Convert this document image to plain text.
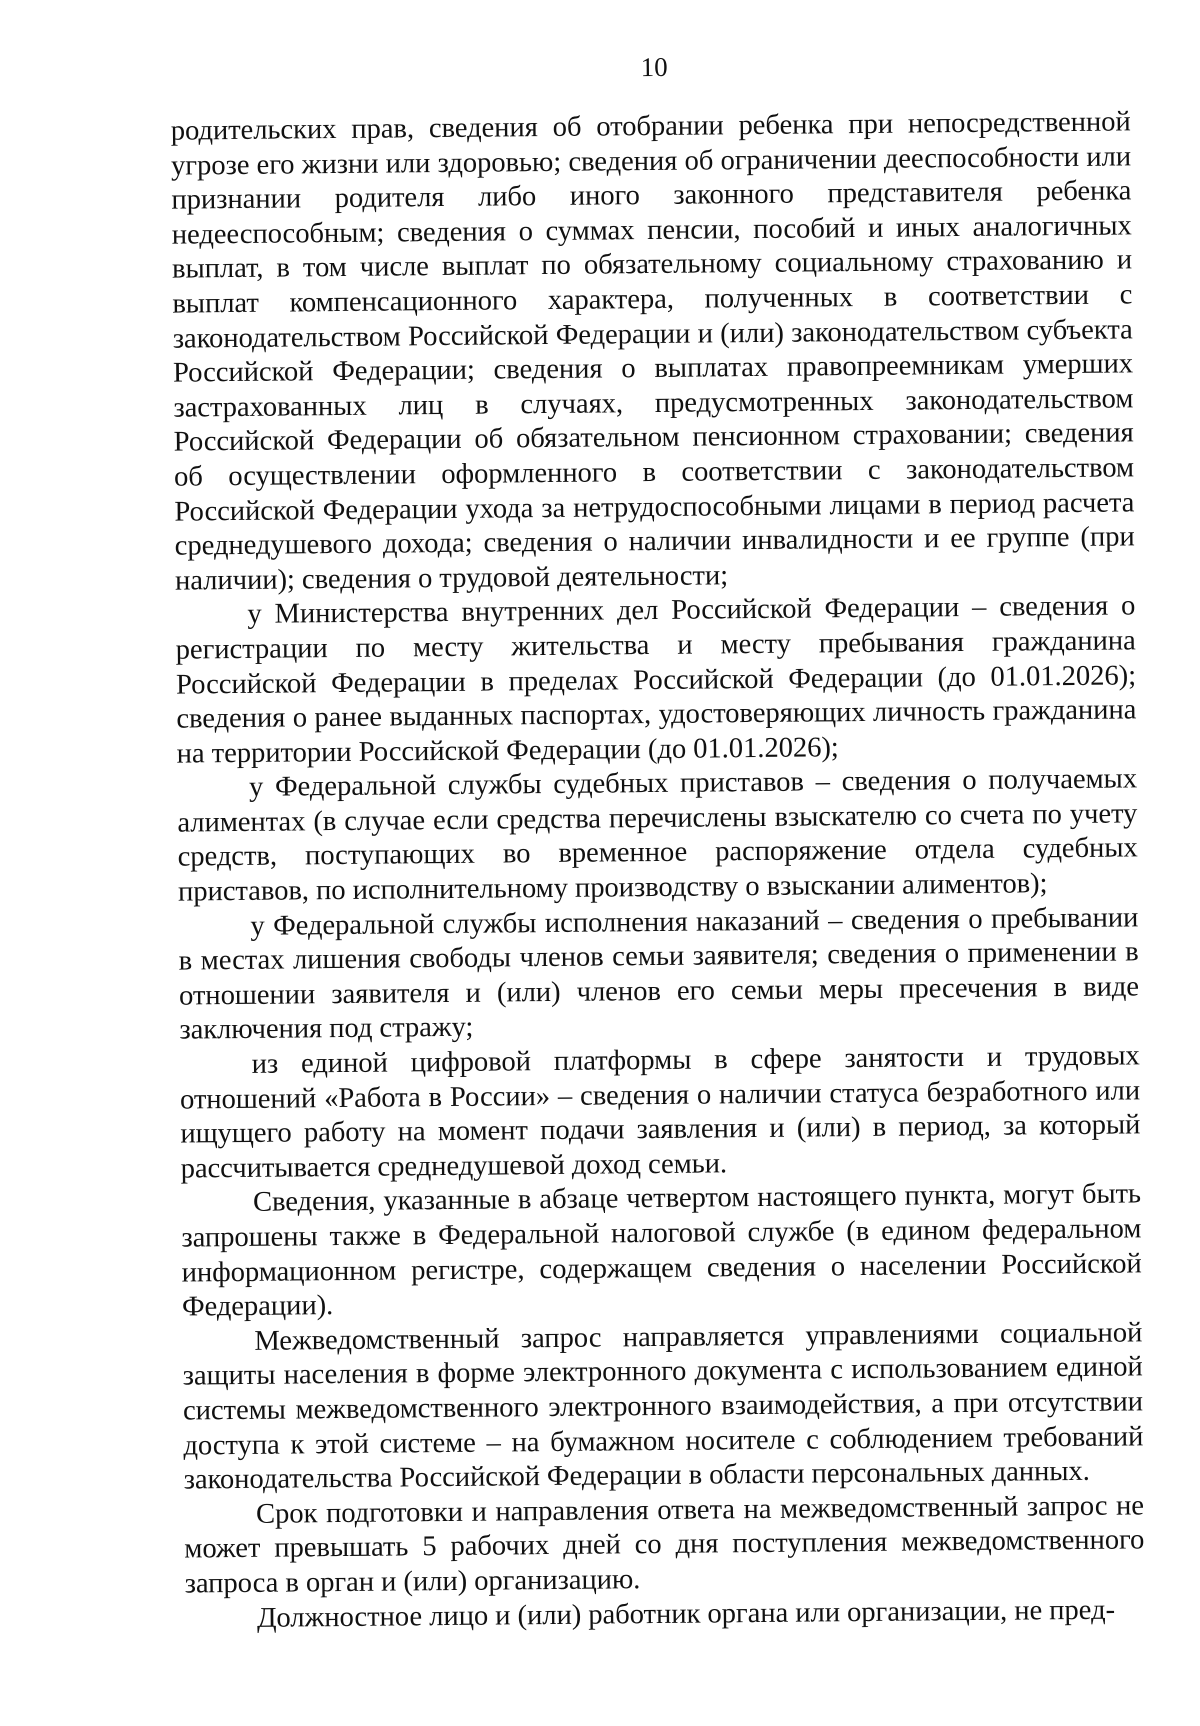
10

родительских прав, сведения об отобрании ребенка при непосредственной угрозе его жизни или здоровью; сведения об ограничении дееспособности или признании родителя либо иного законного представителя ребенка недееспособным; сведения о суммах пенсии, пособий и иных аналогичных выплат, в том числе выплат по обязательному социальному страхованию и выплат компенсационного характера, полученных в соответствии с законодательством Российской Федерации и (или) законодательством субъекта Российской Федерации; сведения о выплатах правопреемникам умерших застрахованных лиц в случаях, предусмотренных законодательством Российской Федерации об обязательном пенсионном страховании; сведения об осуществлении оформленного в соответствии с законодательством Российской Федерации ухода за нетрудоспособными лицами в период расчета среднедушевого дохода; сведения о наличии инвалидности и ее группе (при наличии); сведения о трудовой деятельности;

у Министерства внутренних дел Российской Федерации – сведения о регистрации по месту жительства и месту пребывания гражданина Российской Федерации в пределах Российской Федерации (до 01.01.2026); сведения о ранее выданных паспортах, удостоверяющих личность гражданина на территории Российской Федерации (до 01.01.2026);

у Федеральной службы судебных приставов – сведения о получаемых алиментах (в случае если средства перечислены взыскателю со счета по учету средств, поступающих во временное распоряжение отдела судебных приставов, по исполнительному производству о взыскании алиментов);

у Федеральной службы исполнения наказаний – сведения о пребывании в местах лишения свободы членов семьи заявителя; сведения о применении в отношении заявителя и (или) членов его семьи меры пресечения в виде заключения под стражу;

из единой цифровой платформы в сфере занятости и трудовых отношений «Работа в России» – сведения о наличии статуса безработного или ищущего работу на момент подачи заявления и (или) в период, за который рассчитывается среднедушевой доход семьи.

Сведения, указанные в абзаце четвертом настоящего пункта, могут быть запрошены также в Федеральной налоговой службе (в едином федеральном информационном регистре, содержащем сведения о населении Российской Федерации).

Межведомственный запрос направляется управлениями социальной защиты населения в форме электронного документа с использованием единой системы межведомственного электронного взаимодействия, а при отсутствии доступа к этой системе – на бумажном носителе с соблюдением требований законодательства Российской Федерации в области персональных данных.

Срок подготовки и направления ответа на межведомственный запрос не может превышать 5 рабочих дней со дня поступления межведомственного запроса в орган и (или) организацию.

Должностное лицо и (или) работник органа или организации, не пред-
